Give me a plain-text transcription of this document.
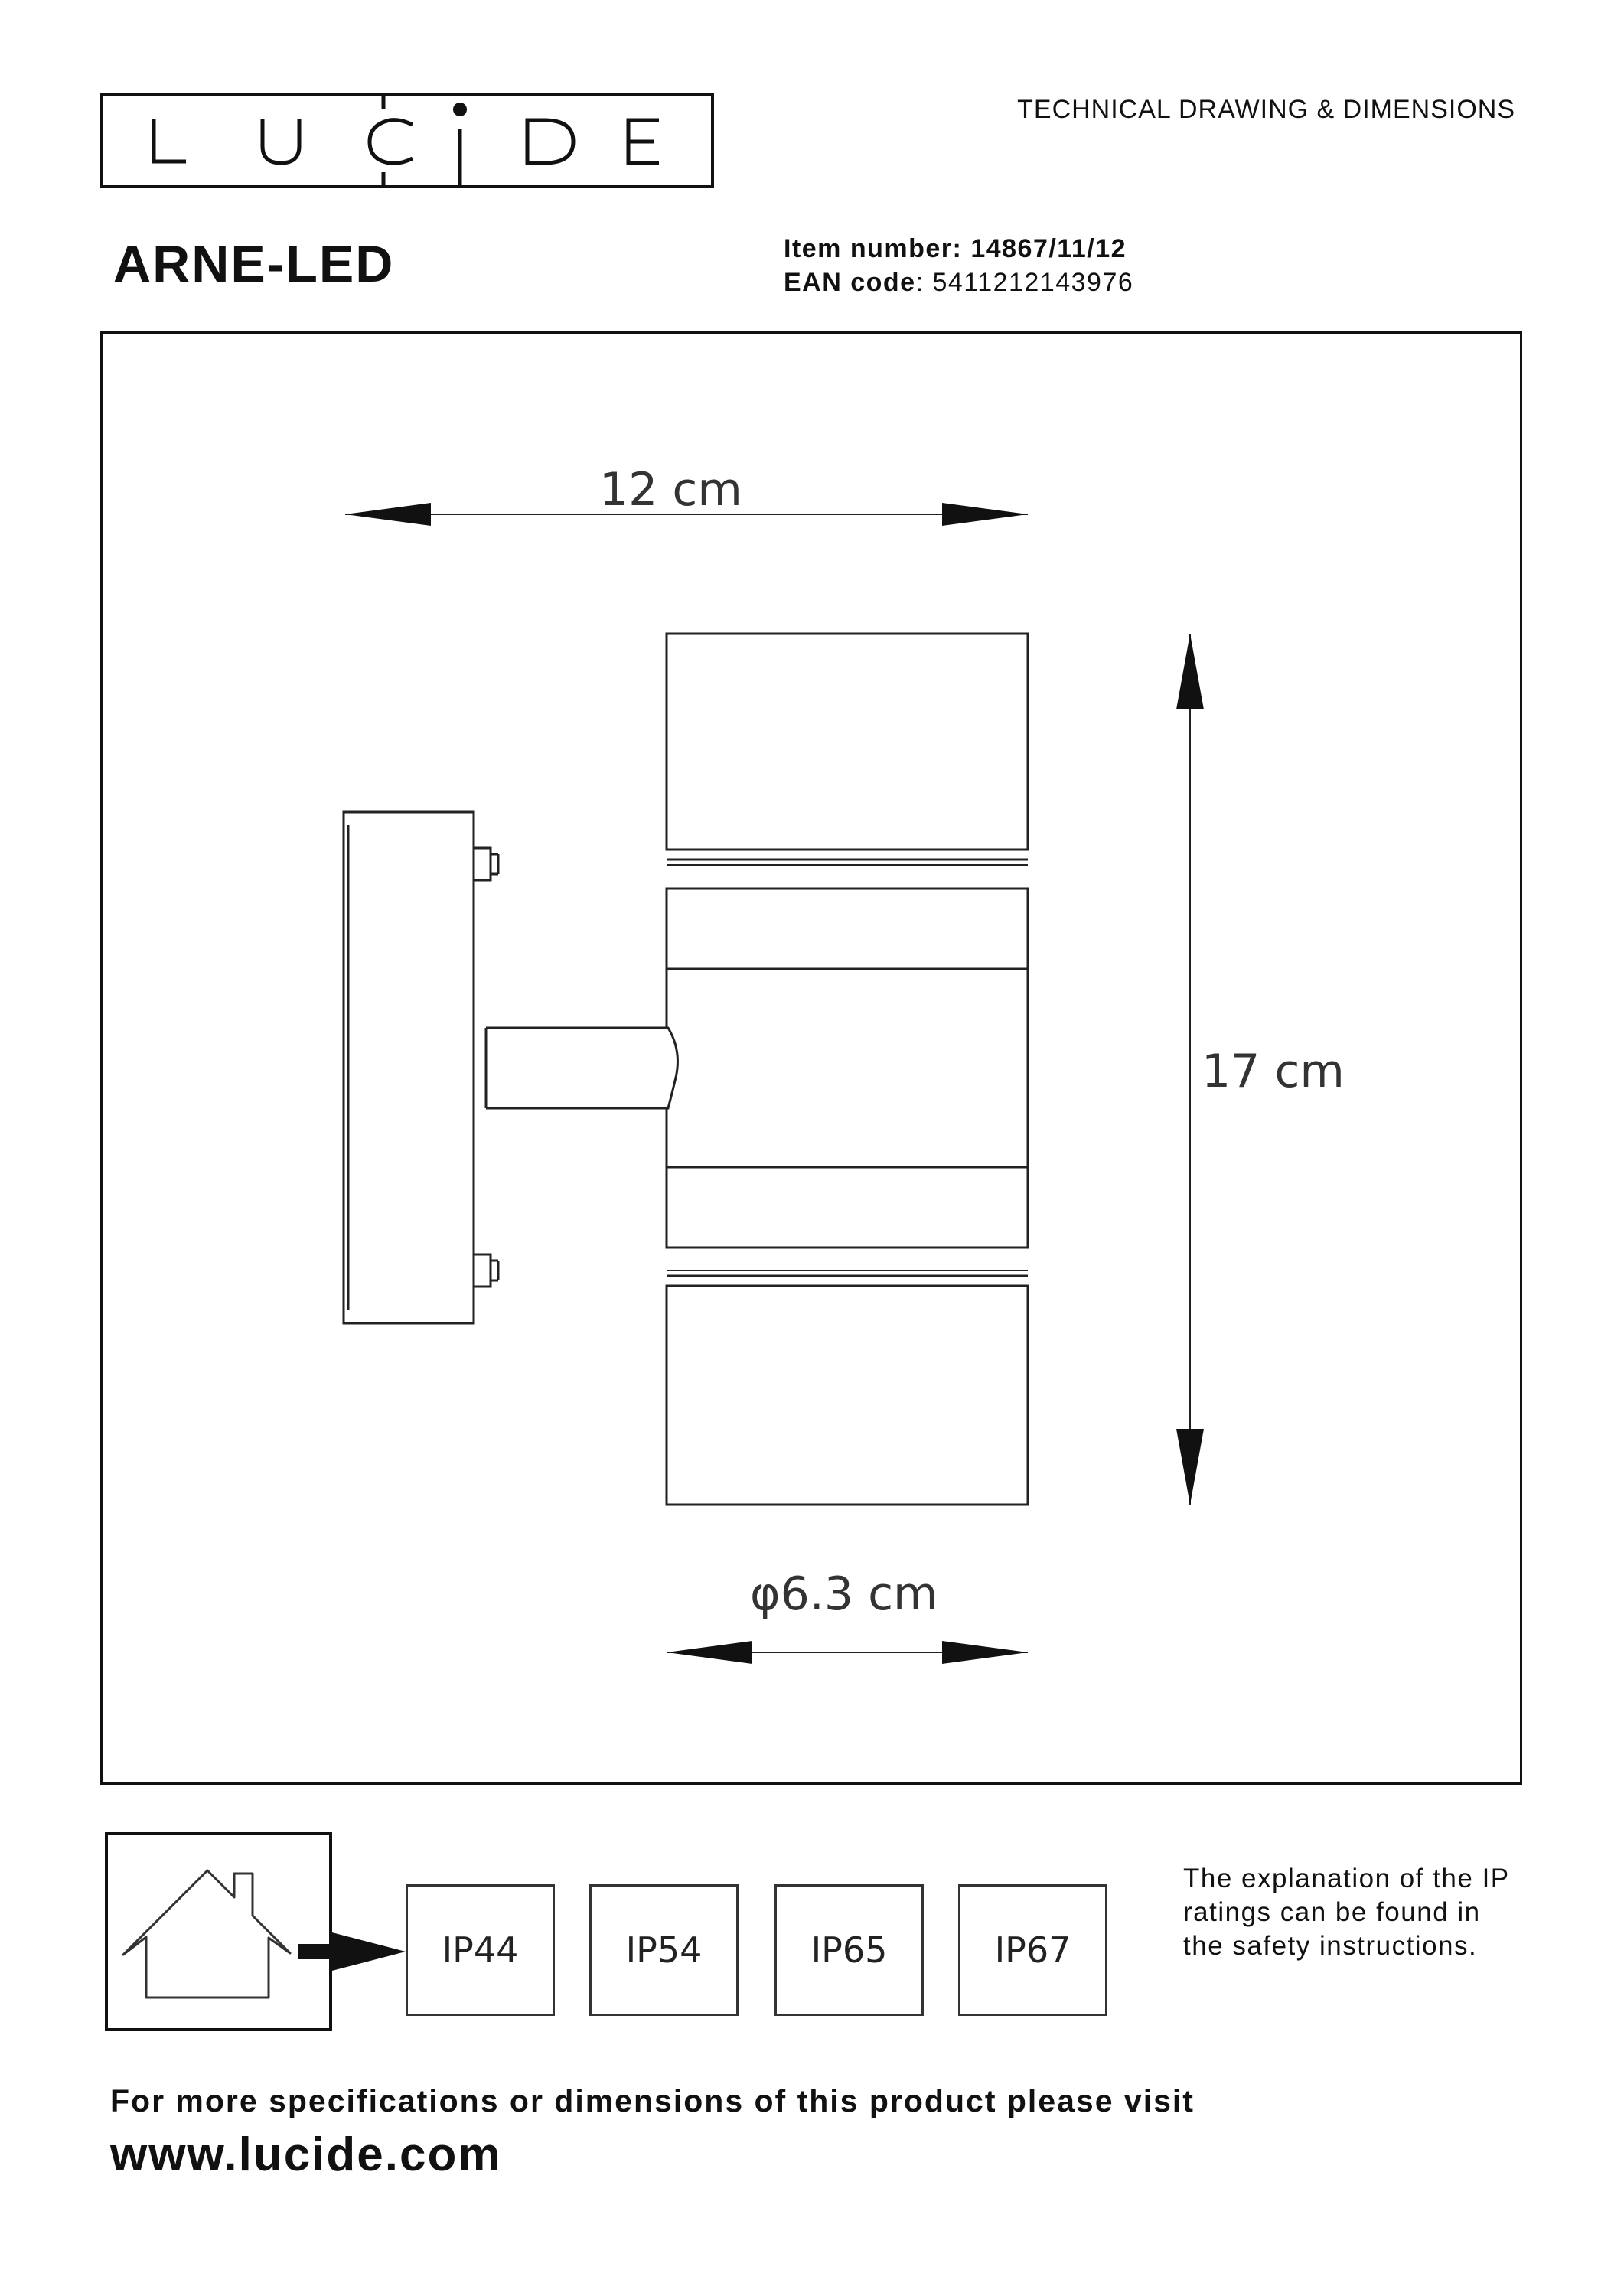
TECHNICAL DRAWING & DIMENSIONS
ARNE-LED	Item number: 14867/11/12
EAN code: 5411212143976
12 cm
17 cm
φ6.3 cm
IP44	IP54	IP65	IP67
The explanation of the IP ratings can be found in the safety instructions.
For more specifications or dimensions of this product please visit
www.lucide.com
